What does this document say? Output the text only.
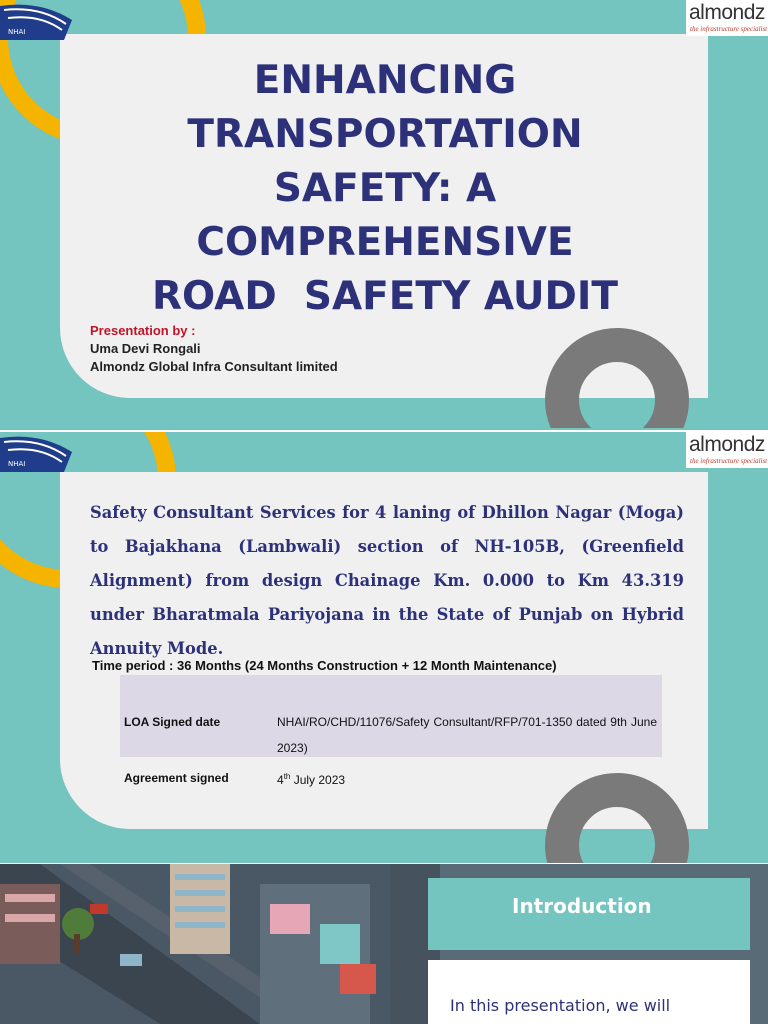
NHAI
almondz
the infrastructure specialist
ENHANCING
TRANSPORTATION
SAFETY: A
COMPREHENSIVE
ROAD  SAFETY AUDIT
Presentation by :
Uma Devi Rongali
Almondz Global Infra Consultant limited
NHAI
almondz
the infrastructure specialist

Safety Consultant Services for 4 laning of Dhillon Nagar (Moga) to Bajakhana (Lambwali) section of NH-105B, (Greenfield Alignment) from design Chainage Km. 0.000 to Km 43.319 under Bharatmala Pariyojana in the State of Punjab on Hybrid Annuity Mode.

Time period : 36 Months (24 Months Construction + 12 Month Maintenance)
LOA Signed date	NHAI/RO/CHD/11076/Safety Consultant/RFP/701-1350 dated 9th June 2023)
Agreement signed	4th July 2023
Introduction
In this presentation, we will
